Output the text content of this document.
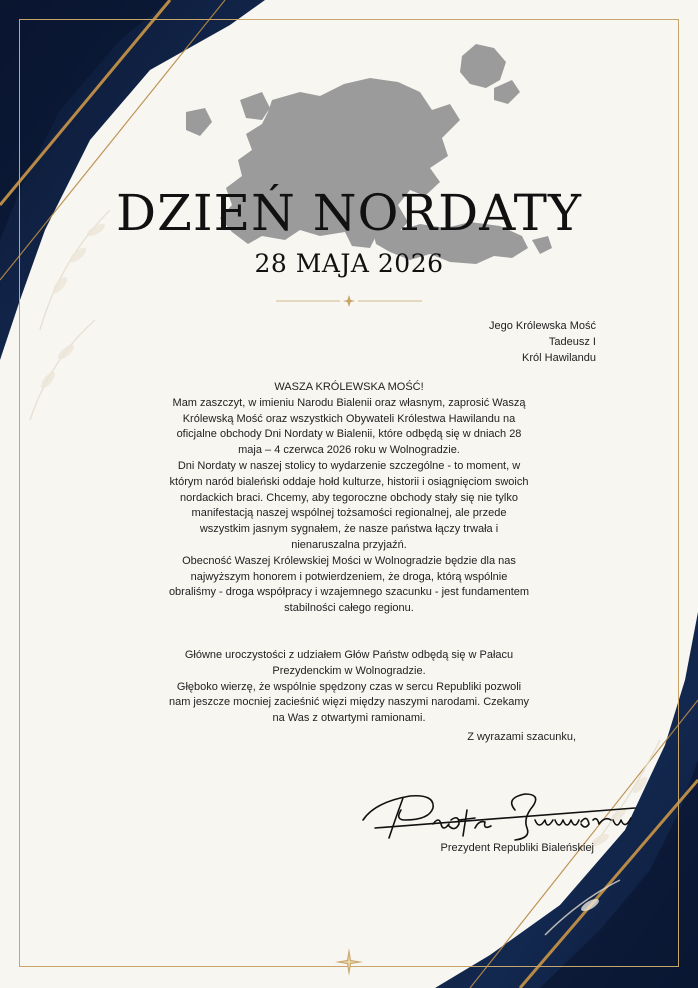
DZIEŃ NORDATY
28 MAJA 2026
Jego Królewska Mość
Tadeusz I
Król Hawilandu

WASZA KRÓLEWSKA MOŚĆ!

Mam zaszczyt, w imieniu Narodu Bialenii oraz własnym, zaprosić Waszą Królewską Mość oraz wszystkich Obywateli Królestwa Hawilandu na oficjalne obchody Dni Nordaty w Bialenii, które odbędą się w dniach 28 maja – 4 czerwca 2026 roku w Wolnogradzie.

Dni Nordaty w naszej stolicy to wydarzenie szczególne - to moment, w którym naród bialeński oddaje hołd kulturze, historii i osiągnięciom swoich nordackich braci. Chcemy, aby tegoroczne obchody stały się nie tylko manifestacją naszej wspólnej tożsamości regionalnej, ale przede wszystkim jasnym sygnałem, że nasze państwa łączy trwała i nienaruszalna przyjaźń.

Obecność Waszej Królewskiej Mości w Wolnogradzie będzie dla nas najwyższym honorem i potwierdzeniem, że droga, którą wspólnie obraliśmy - droga współpracy i wzajemnego szacunku - jest fundamentem stabilności całego regionu.

Główne uroczystości z udziałem Głów Państw odbędą się w Pałacu Prezydenckim w Wolnogradzie.

Głęboko wierzę, że wspólnie spędzony czas w sercu Republiki pozwoli nam jeszcze mocniej zacieśnić więzi między naszymi narodami. Czekamy na Was z otwartymi ramionami.

Z wyrazami szacunku,
Prezydent Republiki Bialeńskiej
